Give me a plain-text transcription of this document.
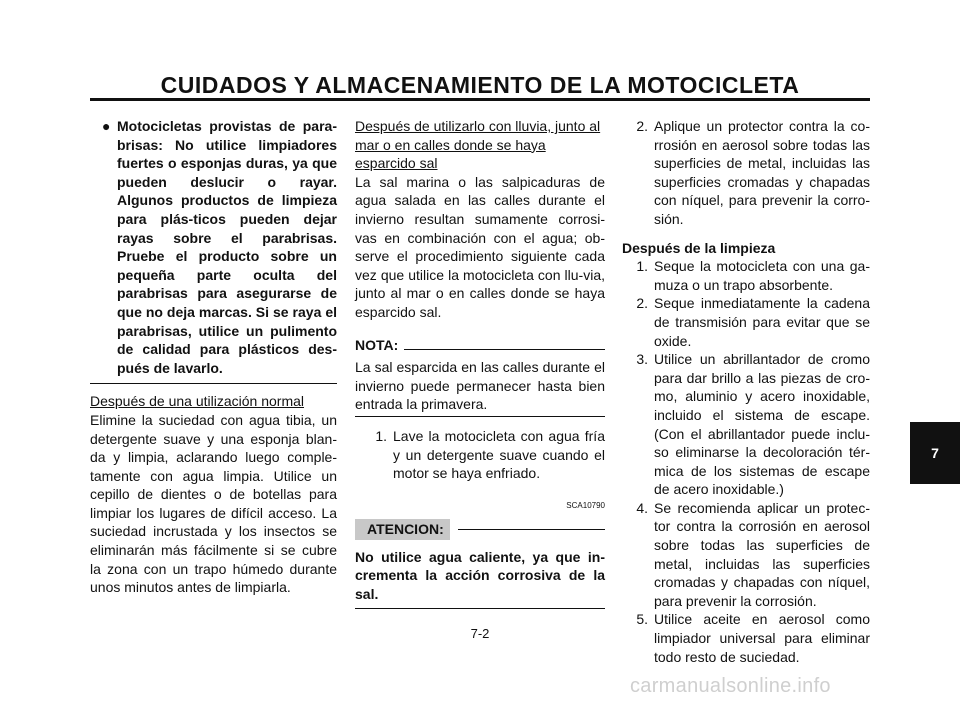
CUIDADOS Y ALMACENAMIENTO DE LA MOTOCICLETA
● Motocicletas provistas de para-brisas: No utilice limpiadores fuertes o esponjas duras, ya que pueden deslucir o rayar. Algunos productos de limpieza para plás-ticos pueden dejar rayas sobre el parabrisas. Pruebe el producto sobre un pequeña parte oculta del parabrisas para asegurarse de que no deja marcas. Si se raya el parabrisas, utilice un pulimento de calidad para plásticos des-pués de lavarlo.
Después de una utilización normal
Elimine la suciedad con agua tibia, un detergente suave y una esponja blan-da y limpia, aclarando luego comple-tamente con agua limpia. Utilice un cepillo de dientes o de botellas para limpiar los lugares de difícil acceso. La suciedad incrustada y los insectos se eliminarán más fácilmente si se cubre la zona con un trapo húmedo durante unos minutos antes de limpiarla.
Después de utilizarlo con lluvia, junto al mar o en calles donde se haya esparcido sal
La sal marina o las salpicaduras de agua salada en las calles durante el invierno resultan sumamente corrosi-vas en combinación con el agua; ob-serve el procedimiento siguiente cada vez que utilice la motocicleta con llu-via, junto al mar o en calles donde se haya esparcido sal.
NOTA:
La sal esparcida en las calles durante el invierno puede permanecer hasta bien entrada la primavera.
1. Lave la motocicleta con agua fría y un detergente suave cuando el motor se haya enfriado.
SCA10790
ATENCION:
No utilice agua caliente, ya que in-crementa la acción corrosiva de la sal.
2. Aplique un protector contra la co-rrosión en aerosol sobre todas las superficies de metal, incluidas las superficies cromadas y chapadas con níquel, para prevenir la corro-sión.
Después de la limpieza
1. Seque la motocicleta con una ga-muza o un trapo absorbente.
2. Seque inmediatamente la cadena de transmisión para evitar que se oxide.
3. Utilice un abrillantador de cromo para dar brillo a las piezas de cro-mo, aluminio y acero inoxidable, incluido el sistema de escape. (Con el abrillantador puede inclu-so eliminarse la decoloración tér-mica de los sistemas de escape de acero inoxidable.)
4. Se recomienda aplicar un protec-tor contra la corrosión en aerosol sobre todas las superficies de metal, incluidas las superficies cromadas y chapadas con níquel, para prevenir la corrosión.
5. Utilice aceite en aerosol como limpiador universal para eliminar todo resto de suciedad.
7-2
7
carmanualsonline.info
